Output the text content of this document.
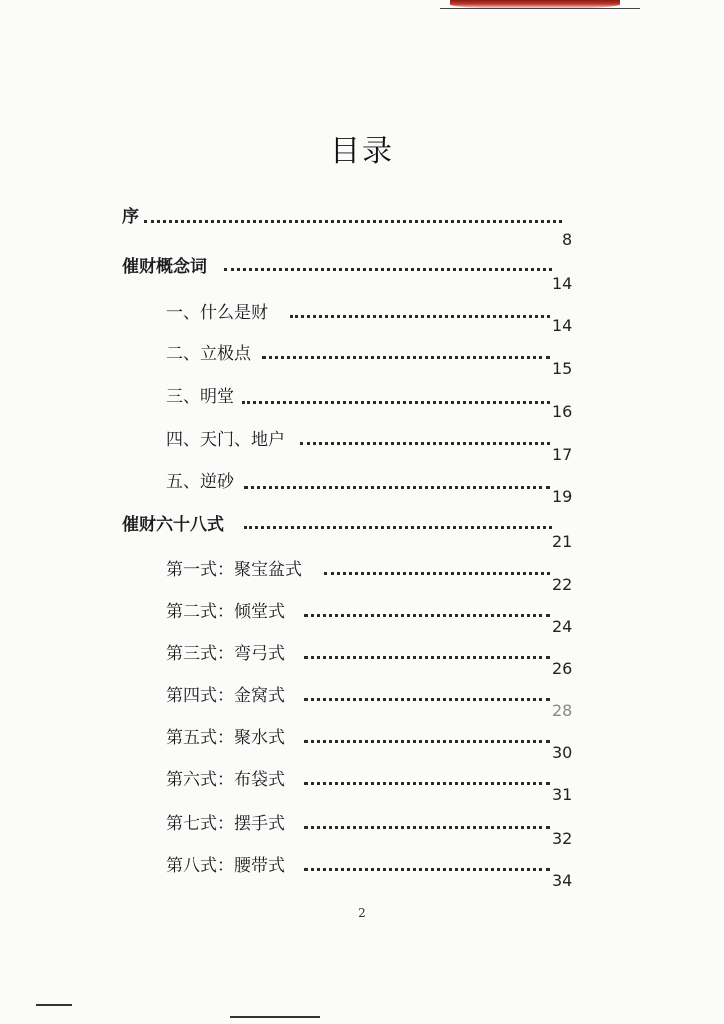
目录
序
8
催财概念词
14
一、什么是财
14
二、立极点
15
三、明堂
16
四、天门、地户
17
五、逆砂
19
催财六十八式
21
第一式：聚宝盆式
22
第二式：倾堂式
24
第三式：弯弓式
26
第四式：金窝式
28
第五式：聚水式
30
第六式：布袋式
31
第七式：摆手式
32
第八式：腰带式
34
2
